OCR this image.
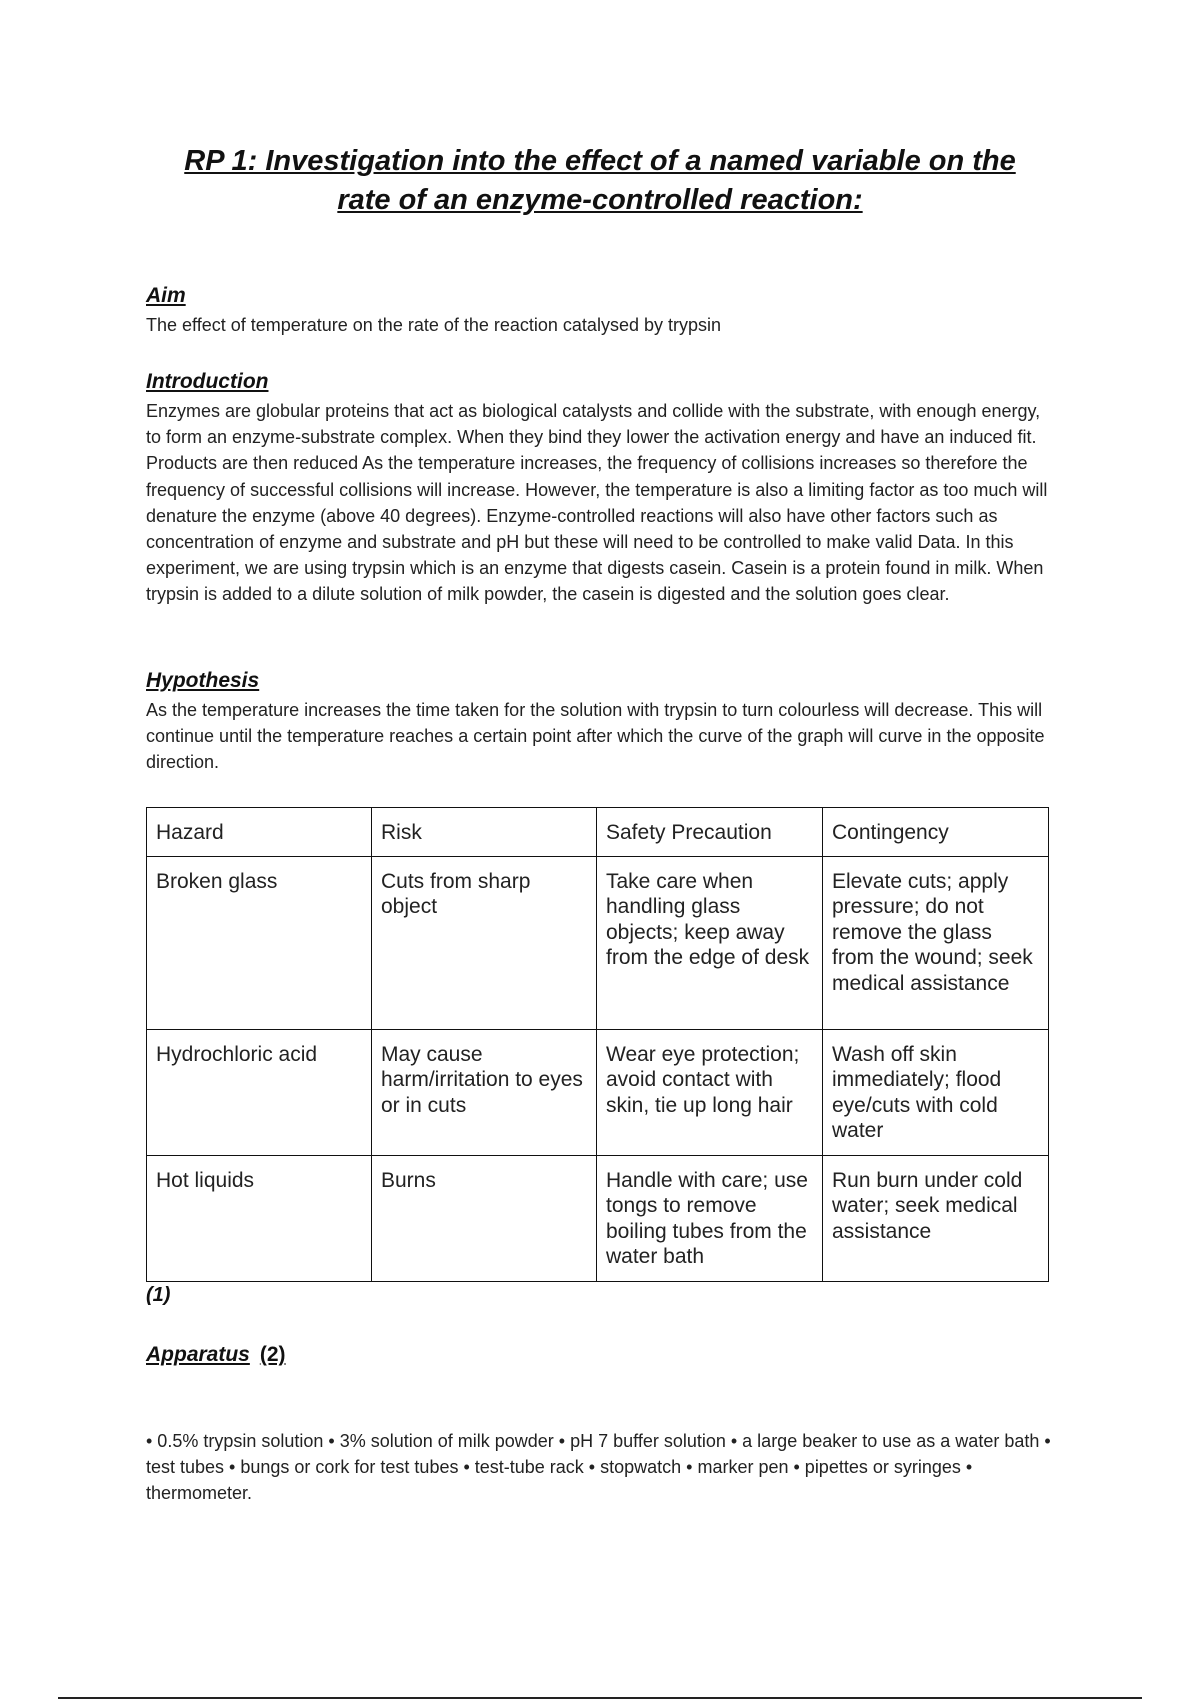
RP 1: Investigation into the effect of a named variable on the
rate of an enzyme-controlled reaction:
Aim

The effect of temperature on the rate of the reaction catalysed by trypsin

Introduction

Enzymes are globular proteins that act as biological catalysts and collide with the substrate, with enough energy, to form an enzyme-substrate complex. When they bind they lower the activation energy and have an induced fit. Products are then reduced As the temperature increases, the frequency of collisions increases so therefore the frequency of successful collisions will increase. However, the temperature is also a limiting factor as too much will denature the enzyme (above 40 degrees). Enzyme-controlled reactions will also have other factors such as concentration of enzyme and substrate and pH but these will need to be controlled to make valid Data. In this experiment, we are using trypsin which is an enzyme that digests casein. Casein is a protein found in milk. When trypsin is added to a dilute solution of milk powder, the casein is digested and the solution goes clear.

Hypothesis

As the temperature increases the time taken for the solution with trypsin to turn colourless will decrease. This will continue until the temperature reaches a certain point after which the curve of the graph will curve in the opposite direction.

Hazard	Risk	Safety Precaution	Contingency
Broken glass	Cuts from sharp object	Take care when handling glass objects; keep away from the edge of desk	Elevate cuts; apply pressure; do not remove the glass from the wound; seek medical assistance
Hydrochloric acid	May cause harm/irritation to eyes or in cuts	Wear eye protection; avoid contact with skin, tie up long hair	Wash off skin immediately; flood eye/cuts with cold water
Hot liquids	Burns	Handle with care; use tongs to remove boiling tubes from the water bath	Run burn under cold water; seek medical assistance

(1)

Apparatus (2)

• 0.5% trypsin solution • 3% solution of milk powder • pH 7 buffer solution • a large beaker to use as a water bath • test tubes • bungs or cork for test tubes • test-tube rack • stopwatch • marker pen • pipettes or syringes • thermometer.
